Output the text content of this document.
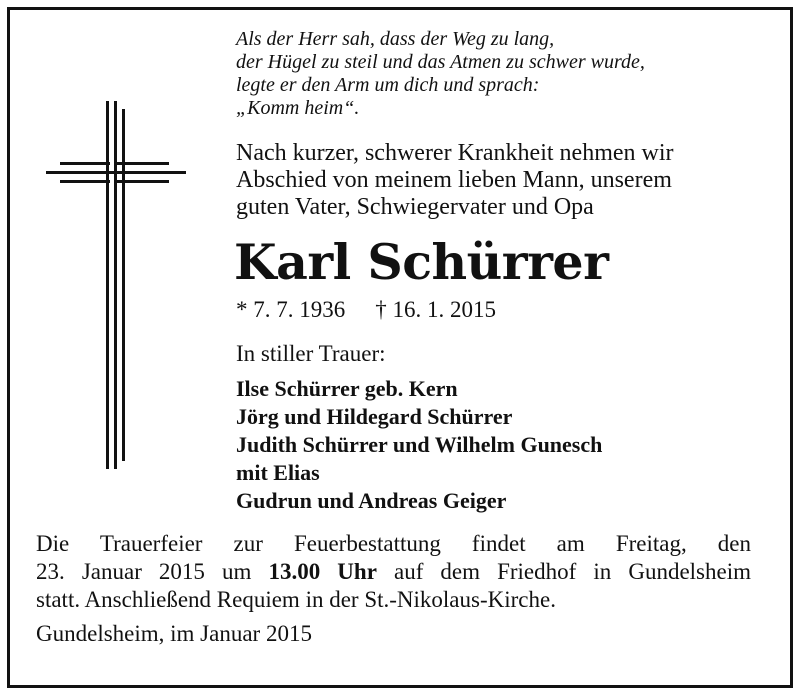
Als der Herr sah, dass der Weg zu lang,
der Hügel zu steil und das Atmen zu schwer wurde,
legte er den Arm um dich und sprach:
„Komm heim“.
Nach kurzer, schwerer Krankheit nehmen wir
Abschied von meinem lieben Mann, unserem
guten Vater, Schwiegervater und Opa
Karl Schürrer
* 7. 7. 1936 † 16. 1. 2015
In stiller Trauer:
Ilse Schürrer geb. Kern
Jörg und Hildegard Schürrer
Judith Schürrer und Wilhelm Gunesch
mit Elias
Gudrun und Andreas Geiger
Die Trauerfeier zur Feuerbestattung findet am Freitag, den
23. Januar 2015 um 13.00 Uhr auf dem Friedhof in Gundelsheim
statt. Anschließend Requiem in der St.-Nikolaus-Kirche.
Gundelsheim, im Januar 2015
